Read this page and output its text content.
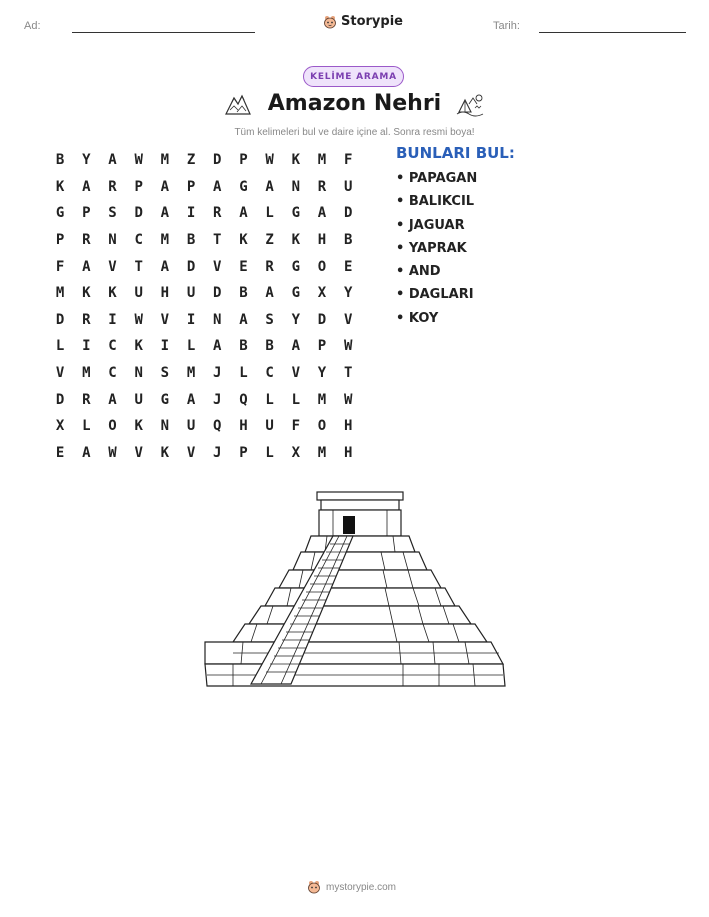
Ad:	Storypie	Tarih:
KELİME ARAMA
Amazon Nehri
Tüm kelimeleri bul ve daire içine al. Sonra resmi boya!
B	Y	A	W	M	Z	D	P	W	K	M	F
K	A	R	P	A	P	A	G	A	N	R	U
G	P	S	D	A	I	R	A	L	G	A	D
P	R	N	C	M	B	T	K	Z	K	H	B
F	A	V	T	A	D	V	E	R	G	O	E
M	K	K	U	H	U	D	B	A	G	X	Y
D	R	I	W	V	I	N	A	S	Y	D	V
L	I	C	K	I	L	A	B	B	A	P	W
V	M	C	N	S	M	J	L	C	V	Y	T
D	R	A	U	G	A	J	Q	L	L	M	W
X	L	O	K	N	U	Q	H	U	F	O	H
E	A	W	V	K	V	J	P	L	X	M	H
BUNLARI BUL:
• PAPAGAN
• BALIKCIL
• JAGUAR
• YAPRAK
• AND
• DAGLARI
• KOY
mystorypie.com
